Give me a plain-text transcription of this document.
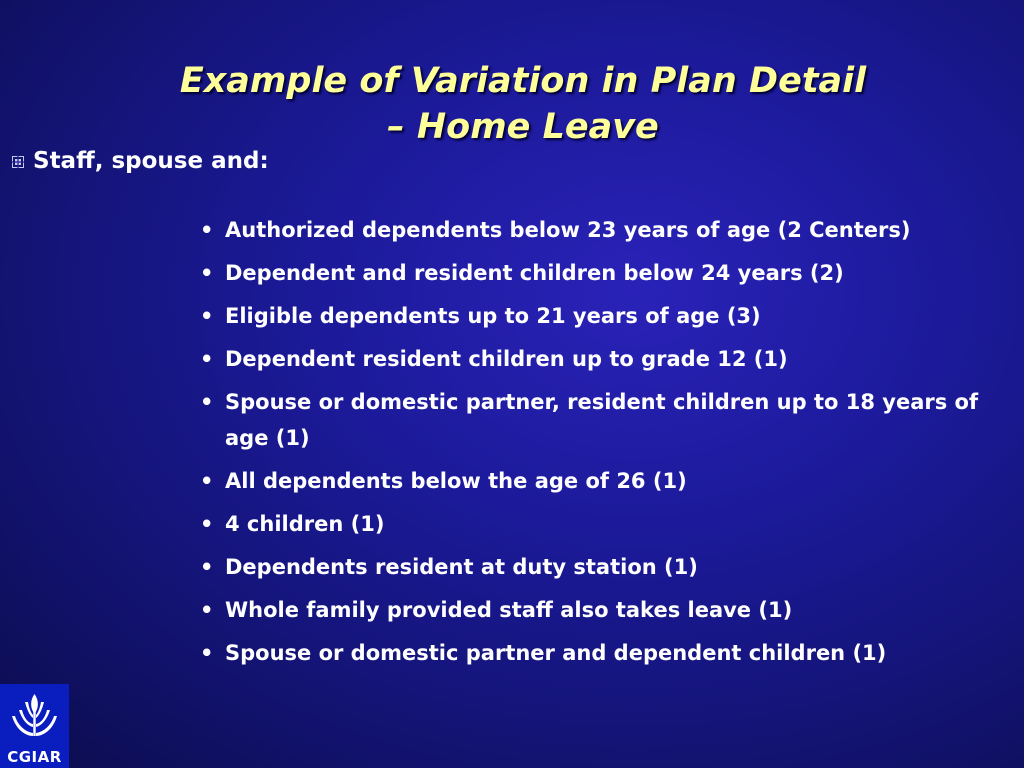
Example of Variation in Plan Detail
– Home Leave
Staff, spouse and:
• Authorized dependents below 23 years of age (2 Centers)
• Dependent and resident children below 24 years (2)
• Eligible dependents up to 21 years of age (3)
• Dependent resident children up to grade 12 (1)
• Spouse or domestic partner, resident children up to 18 years of age (1)
• All dependents below the age of 26 (1)
• 4 children (1)
• Dependents resident at duty station (1)
• Whole family provided staff also takes leave (1)
• Spouse or domestic partner and dependent children (1)
CGIAR
